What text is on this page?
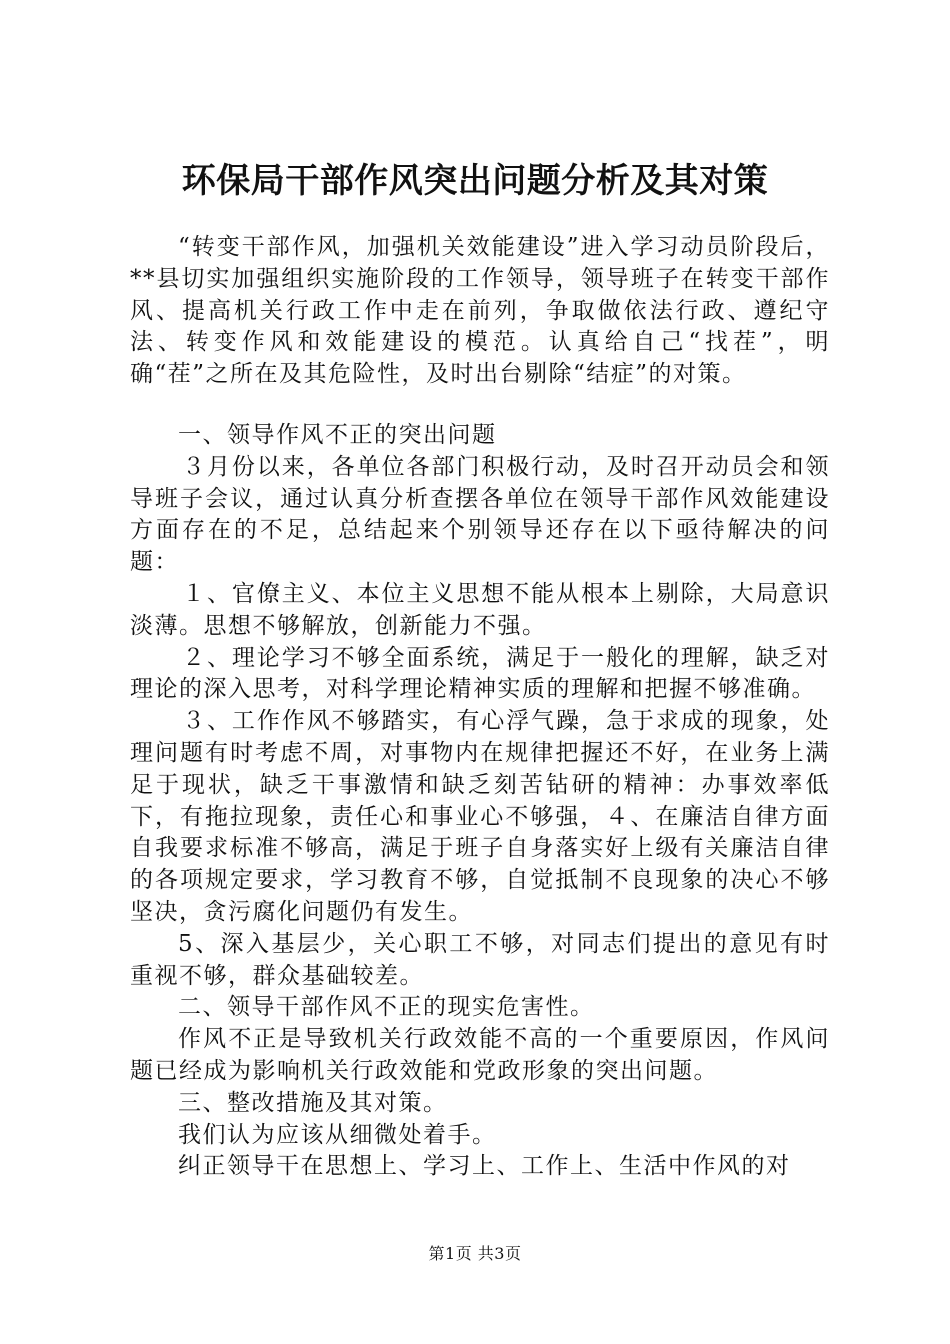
环保局干部作风突出问题分析及其对策

“转变干部作风，加强机关效能建设”进入学习动员阶段后，**县切实加强组织实施阶段的工作领导，领导班子在转变干部作风、提高机关行政工作中走在前列，争取做依法行政、遵纪守法、转变作风和效能建设的模范。认真给自己“找茬”，明确“茬”之所在及其危险性，及时出台剔除“结症”的对策。

一、领导作风不正的突出问题

３月份以来，各单位各部门积极行动，及时召开动员会和领导班子会议，通过认真分析查摆各单位在领导干部作风效能建设方面存在的不足，总结起来个别领导还存在以下亟待解决的问题：

１、官僚主义、本位主义思想不能从根本上剔除，大局意识淡薄。思想不够解放，创新能力不强。

２、理论学习不够全面系统，满足于一般化的理解，缺乏对理论的深入思考，对科学理论精神实质的理解和把握不够准确。

３、工作作风不够踏实，有心浮气躁，急于求成的现象，处理问题有时考虑不周，对事物内在规律把握还不好，在业务上满足于现状，缺乏干事激情和缺乏刻苦钻研的精神：办事效率低下，有拖拉现象，责任心和事业心不够强，４、在廉洁自律方面自我要求标准不够高，满足于班子自身落实好上级有关廉洁自律的各项规定要求，学习教育不够，自觉抵制不良现象的决心不够坚决，贪污腐化问题仍有发生。

5、深入基层少，关心职工不够，对同志们提出的意见有时重视不够，群众基础较差。

二、领导干部作风不正的现实危害性。

作风不正是导致机关行政效能不高的一个重要原因，作风问题已经成为影响机关行政效能和党政形象的突出问题。

三、整改措施及其对策。

我们认为应该从细微处着手。

纠正领导干在思想上、学习上、工作上、生活中作风的对

第1页 共3页
